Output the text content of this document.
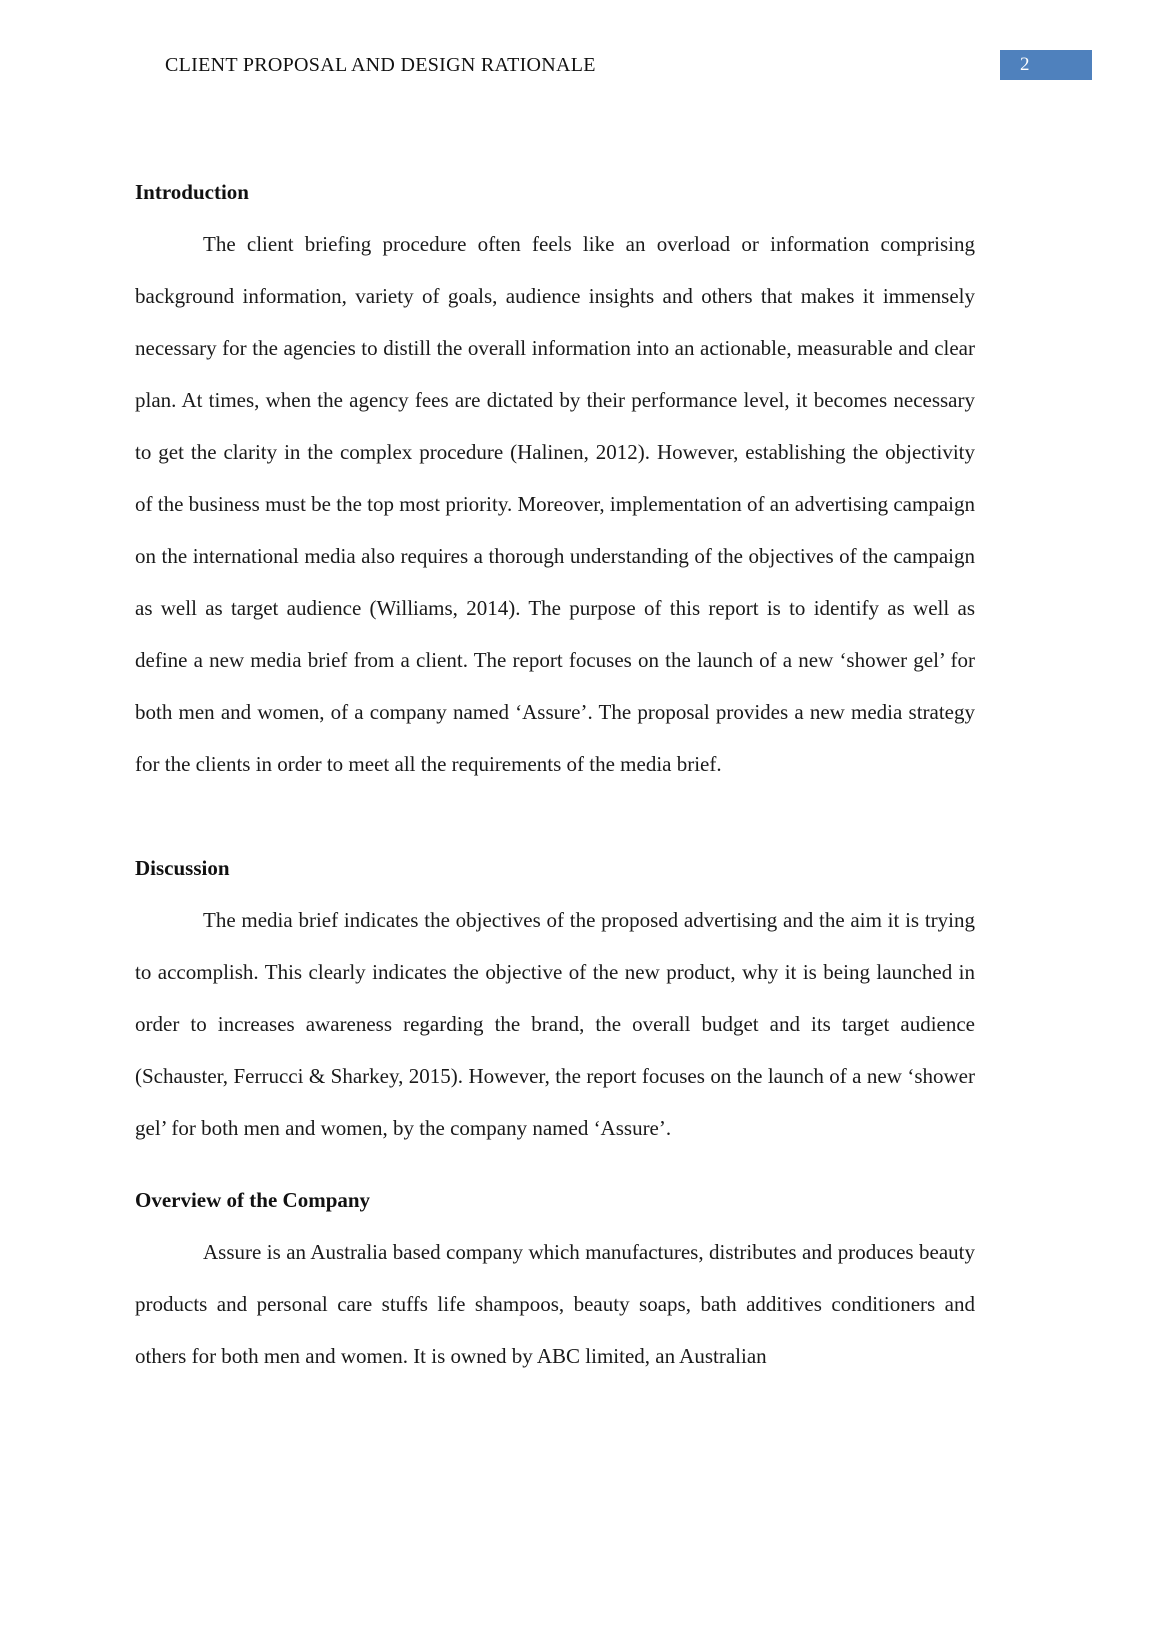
CLIENT PROPOSAL AND DESIGN RATIONALE	2
Introduction

The client briefing procedure often feels like an overload or information comprising background information, variety of goals, audience insights and others that makes it immensely necessary for the agencies to distill the overall information into an actionable, measurable and clear plan. At times, when the agency fees are dictated by their performance level, it becomes necessary to get the clarity in the complex procedure (Halinen, 2012). However, establishing the objectivity of the business must be the top most priority. Moreover, implementation of an advertising campaign on the international media also requires a thorough understanding of the objectives of the campaign as well as target audience (Williams, 2014). The purpose of this report is to identify as well as define a new media brief from a client. The report focuses on the launch of a new ‘shower gel’ for both men and women, of a company named ‘Assure’. The proposal provides a new media strategy for the clients in order to meet all the requirements of the media brief.

Discussion

The media brief indicates the objectives of the proposed advertising and the aim it is trying to accomplish. This clearly indicates the objective of the new product, why it is being launched in order to increases awareness regarding the brand, the overall budget and its target audience (Schauster, Ferrucci & Sharkey, 2015). However, the report focuses on the launch of a new ‘shower gel’ for both men and women, by the company named ‘Assure’.

Overview of the Company

Assure is an Australia based company which manufactures, distributes and produces beauty products and personal care stuffs life shampoos, beauty soaps, bath additives conditioners and others for both men and women. It is owned by ABC limited, an Australian
